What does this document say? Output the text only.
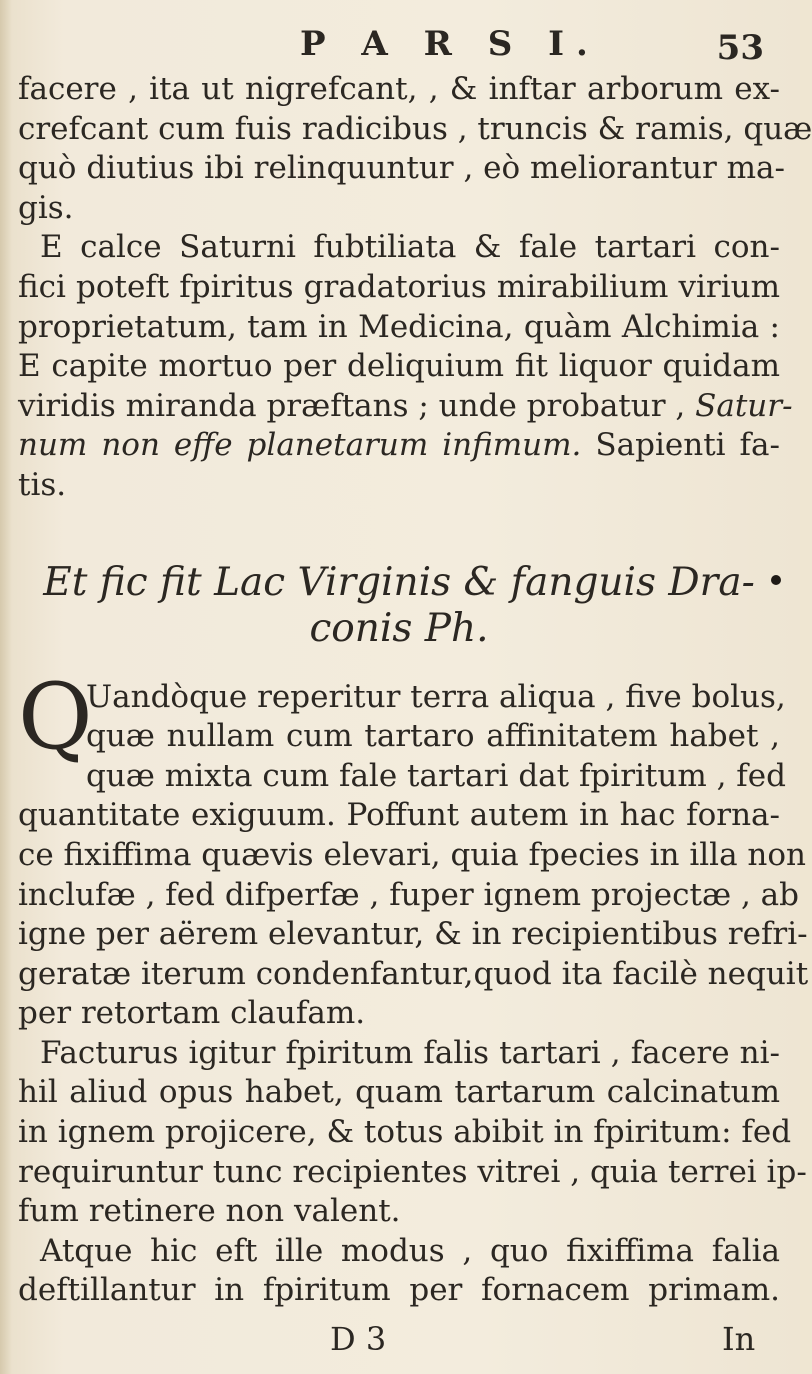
P A R S I.	53
facere , ita ut nigrefcant, , & inftar arborum ex-
crefcant cum fuis radicibus , truncis & ramis, quæ
quò diutius ibi relinquuntur , eò meliorantur ma-
gis.
E calce Saturni fubtiliata & fale tartari con-
fici poteft fpiritus gradatorius mirabilium virium
proprietatum, tam in Medicina, quàm Alchimia :
E capite mortuo per deliquium fit liquor quidam
viridis miranda præftans ; unde probatur , Satur-
num non effe planetarum infimum. Sapienti fa-
tis.
Et fic fit Lac Virginis & fanguis Dra-
conis Ph.
Q
Uandòque reperitur terra aliqua , five bolus,
quæ nullam cum tartaro affinitatem habet ,
quæ mixta cum fale tartari dat fpiritum , fed
quantitate exiguum. Poffunt autem in hac forna-
ce fixiffima quævis elevari, quia fpecies in illa non
inclufæ , fed difperfæ , fuper ignem projectæ , ab
igne per aërem elevantur, & in recipientibus refri-
geratæ iterum condenfantur,quod ita facilè nequit
per retortam claufam.
Facturus igitur fpiritum falis tartari , facere ni-
hil aliud opus habet, quam tartarum calcinatum
in ignem projicere, & totus abibit in fpiritum: fed
requiruntur tunc recipientes vitrei , quia terrei ip-
fum retinere non valent.
Atque hic eft ille modus , quo fixiffima falia
deftillantur in fpiritum per fornacem primam.
D 3	In
